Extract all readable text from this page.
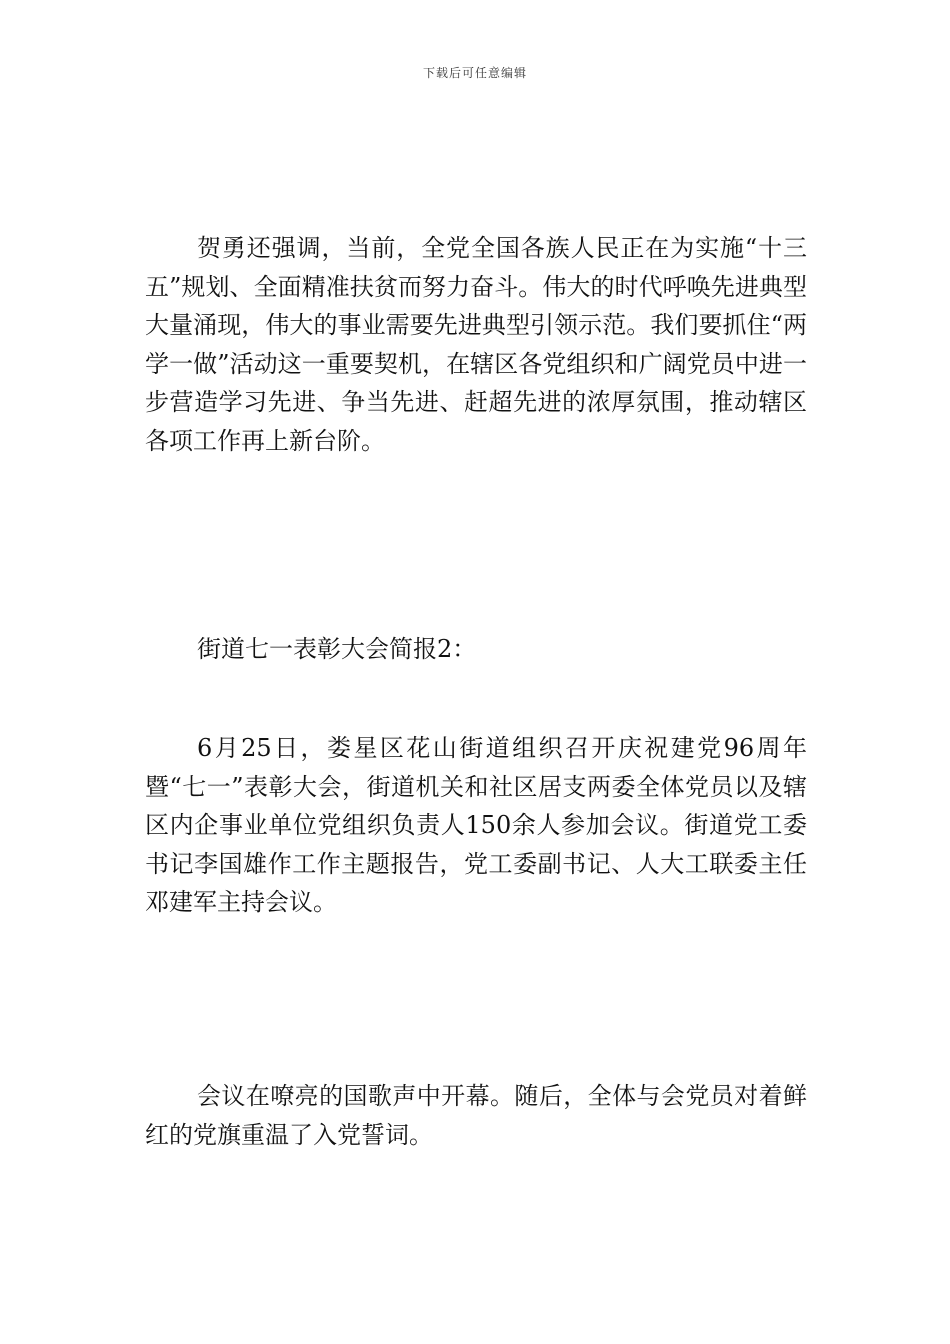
下载后可任意编辑

贺勇还强调，当前，全党全国各族人民正在为实施“十三五”规划、全面精准扶贫而努力奋斗。伟大的时代呼唤先进典型大量涌现，伟大的事业需要先进典型引领示范。我们要抓住“两学一做”活动这一重要契机，在辖区各党组织和广阔党员中进一步营造学习先进、争当先进、赶超先进的浓厚氛围，推动辖区各项工作再上新台阶。

街道七一表彰大会简报2：

6月25日，娄星区花山街道组织召开庆祝建党96周年暨“七一”表彰大会，街道机关和社区居支两委全体党员以及辖区内企事业单位党组织负责人150余人参加会议。街道党工委书记李国雄作工作主题报告，党工委副书记、人大工联委主任邓建军主持会议。

会议在嘹亮的国歌声中开幕。随后，全体与会党员对着鲜红的党旗重温了入党誓词。
